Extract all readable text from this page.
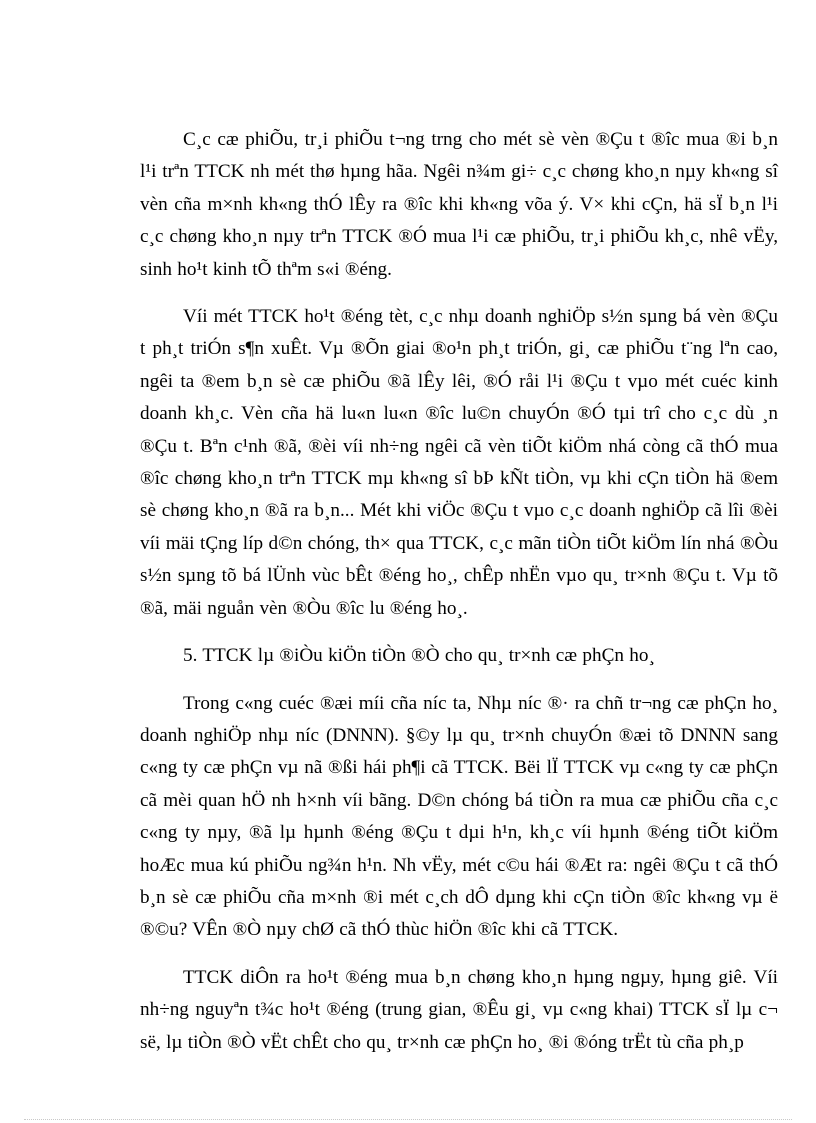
C¸c cæ phiÕu, tr¸i phiÕu t¬ng trng cho mét sè vèn ®Çu t ®îc mua ®i b¸n l¹i trªn TTCK nh mét thø hµng hãa. Ngêi n¾m gi÷ c¸c chøng kho¸n nµy kh«ng sî vèn cña m×nh kh«ng thÓ lÊy ra ®îc khi kh«ng võa ý. V× khi cÇn, hä sÏ b¸n l¹i c¸c chøng kho¸n nµy trªn TTCK ®Ó mua l¹i cæ phiÕu, tr¸i phiÕu kh¸c, nhê vËy, sinh ho¹t kinh tÕ thªm s«i ®éng.

Víi mét TTCK ho¹t ®éng tèt, c¸c nhµ doanh nghiÖp s½n sµng bá vèn ®Çu t ph¸t triÓn s¶n xuÊt. Vµ ®Õn giai ®o¹n ph¸t triÓn, gi¸ cæ phiÕu t¨ng lªn cao, ngêi ta ®em b¸n sè cæ phiÕu ®ã lÊy lêi, ®Ó råi l¹i ®Çu t vµo mét cuéc kinh doanh kh¸c. Vèn cña hä lu«n lu«n ®îc lu©n chuyÓn ®Ó tµi trî cho c¸c dù ¸n ®Çu t. Bªn c¹nh ®ã, ®èi víi nh÷ng ngêi cã vèn tiÕt kiÖm nhá còng cã thÓ mua ®îc chøng kho¸n trªn TTCK mµ kh«ng sî bÞ kÑt tiÒn, vµ khi cÇn tiÒn hä ®em sè chøng kho¸n ®ã ra b¸n... Mét khi viÖc ®Çu t vµo c¸c doanh nghiÖp cã lîi ®èi víi mäi tÇng líp d©n chóng, th× qua TTCK, c¸c mãn tiÒn tiÕt kiÖm lín nhá ®Òu s½n sµng tõ bá lÜnh vùc bÊt ®éng ho¸, chÊp nhËn vµo qu¸ tr×nh ®Çu t. Vµ tõ ®ã, mäi nguån vèn ®Òu ®îc lu ®éng ho¸.

5. TTCK lµ ®iÒu kiÖn tiÒn ®Ò cho qu¸ tr×nh cæ phÇn ho¸

Trong c«ng cuéc ®æi míi cña níc ta, Nhµ níc ®· ra chñ tr¬ng cæ phÇn ho¸ doanh nghiÖp nhµ níc (DNNN). §©y lµ qu¸ tr×nh chuyÓn ®æi tõ DNNN sang c«ng ty cæ phÇn vµ nã ®ßi hái ph¶i cã TTCK. Bëi lÏ TTCK vµ c«ng ty cæ phÇn cã mèi quan hÖ nh h×nh víi bãng. D©n chóng bá tiÒn ra mua cæ phiÕu cña c¸c c«ng ty nµy, ®ã lµ hµnh ®éng ®Çu t dµi h¹n, kh¸c víi hµnh ®éng tiÕt kiÖm hoÆc mua kú phiÕu ng¾n h¹n. Nh vËy, mét c©u hái ®Æt ra: ngêi ®Çu t cã thÓ b¸n sè cæ phiÕu cña m×nh ®i mét c¸ch dÔ dµng khi cÇn tiÒn ®îc kh«ng vµ ë ®©u? VÊn ®Ò nµy chØ cã thÓ thùc hiÖn ®îc khi cã TTCK.

TTCK diÔn ra ho¹t ®éng mua b¸n chøng kho¸n hµng ngµy, hµng giê. Víi nh÷ng nguyªn t¾c ho¹t ®éng (trung gian, ®Êu gi¸ vµ c«ng khai) TTCK sÏ lµ c¬ së, lµ tiÒn ®Ò vËt chÊt cho qu¸ tr×nh cæ phÇn ho¸ ®i ®óng trËt tù cña ph¸p
